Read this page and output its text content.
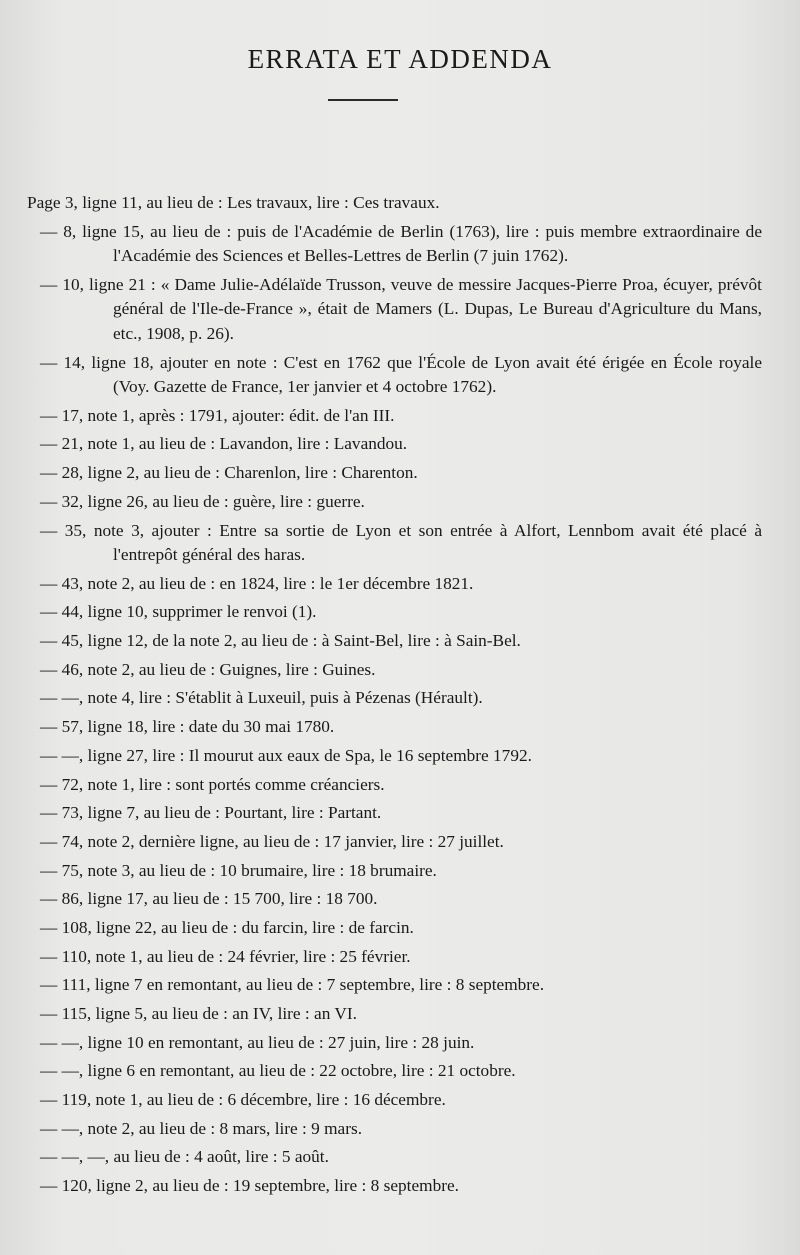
ERRATA ET ADDENDA
Page 3, ligne 11, au lieu de : Les travaux, lire : Ces travaux.
— 8, ligne 15, au lieu de : puis de l'Académie de Berlin (1763), lire : puis membre extraordinaire de l'Académie des Sciences et Belles-Lettres de Berlin (7 juin 1762).
— 10, ligne 21 : « Dame Julie-Adélaïde Trusson, veuve de messire Jacques-Pierre Proa, écuyer, prévôt général de l'Ile-de-France », était de Mamers (L. Dupas, Le Bureau d'Agriculture du Mans, etc., 1908, p. 26).
— 14, ligne 18, ajouter en note : C'est en 1762 que l'École de Lyon avait été érigée en École royale (Voy. Gazette de France, 1er janvier et 4 octobre 1762).
— 17, note 1, après : 1791, ajouter: édit. de l'an III.
— 21, note 1, au lieu de : Lavandon, lire : Lavandou.
— 28, ligne 2, au lieu de : Charenlon, lire : Charenton.
— 32, ligne 26, au lieu de : guère, lire : guerre.
— 35, note 3, ajouter : Entre sa sortie de Lyon et son entrée à Alfort, Lennbom avait été placé à l'entrepôt général des haras.
— 43, note 2, au lieu de : en 1824, lire : le 1er décembre 1821.
— 44, ligne 10, supprimer le renvoi (1).
— 45, ligne 12, de la note 2, au lieu de : à Saint-Bel, lire : à Sain-Bel.
— 46, note 2, au lieu de : Guignes, lire : Guines.
— —, note 4, lire : S'établit à Luxeuil, puis à Pézenas (Hérault).
— 57, ligne 18, lire : date du 30 mai 1780.
— —, ligne 27, lire : Il mourut aux eaux de Spa, le 16 septembre 1792.
— 72, note 1, lire : sont portés comme créanciers.
— 73, ligne 7, au lieu de : Pourtant, lire : Partant.
— 74, note 2, dernière ligne, au lieu de : 17 janvier, lire : 27 juillet.
— 75, note 3, au lieu de : 10 brumaire, lire : 18 brumaire.
— 86, ligne 17, au lieu de : 15 700, lire : 18 700.
— 108, ligne 22, au lieu de : du farcin, lire : de farcin.
— 110, note 1, au lieu de : 24 février, lire : 25 février.
— 111, ligne 7 en remontant, au lieu de : 7 septembre, lire : 8 septembre.
— 115, ligne 5, au lieu de : an IV, lire : an VI.
— —, ligne 10 en remontant, au lieu de : 27 juin, lire : 28 juin.
— —, ligne 6 en remontant, au lieu de : 22 octobre, lire : 21 octobre.
— 119, note 1, au lieu de : 6 décembre, lire : 16 décembre.
— —, note 2, au lieu de : 8 mars, lire : 9 mars.
— —, —, au lieu de : 4 août, lire : 5 août.
— 120, ligne 2, au lieu de : 19 septembre, lire : 8 septembre.
